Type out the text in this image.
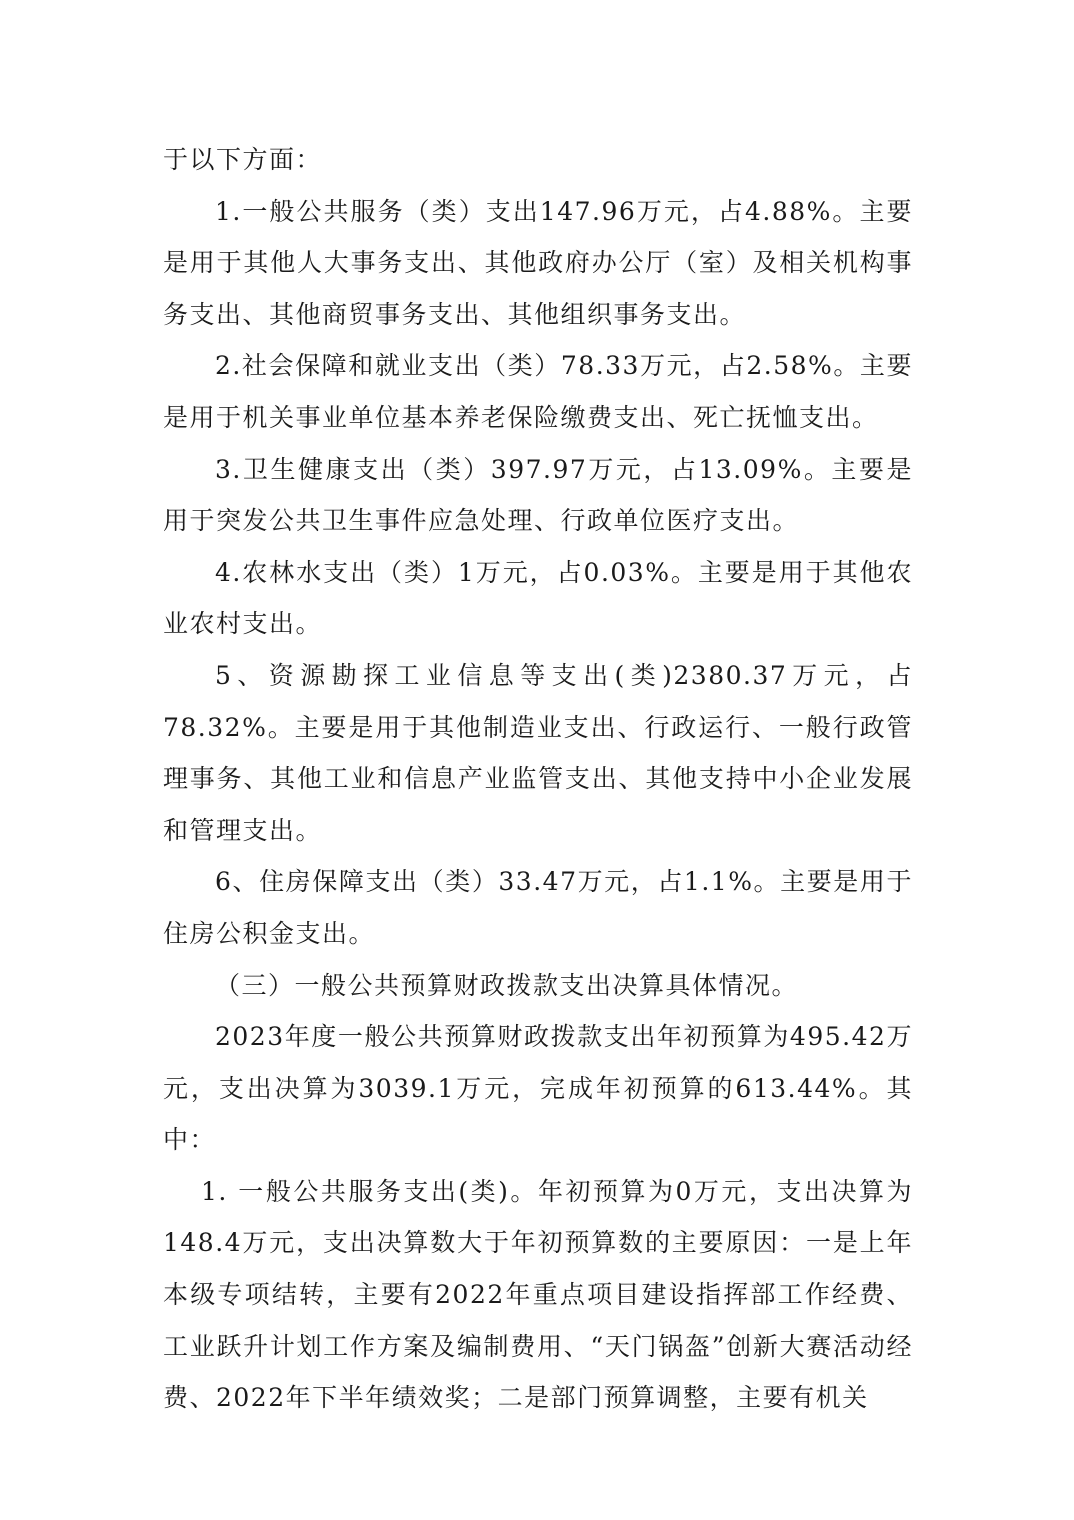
于以下方面：

1.一般公共服务（类）支出147.96万元，占4.88%。主要是用于其他人大事务支出、其他政府办公厅（室）及相关机构事务支出、其他商贸事务支出、其他组织事务支出。

2.社会保障和就业支出（类）78.33万元，占2.58%。主要是用于机关事业单位基本养老保险缴费支出、死亡抚恤支出。

3.卫生健康支出（类）397.97万元，占13.09%。主要是用于突发公共卫生事件应急处理、行政单位医疗支出。

4.农林水支出（类）1万元，占0.03%。主要是用于其他农业农村支出。

5、资源勘探工业信息等支出(类)2380.37万元，占78.32%。主要是用于其他制造业支出、行政运行、一般行政管理事务、其他工业和信息产业监管支出、其他支持中小企业发展和管理支出。

6、住房保障支出（类）33.47万元，占1.1%。主要是用于住房公积金支出。

（三）一般公共预算财政拨款支出决算具体情况。

2023年度一般公共预算财政拨款支出年初预算为495.42万元，支出决算为3039.1万元，完成年初预算的613.44%。其中：

1. 一般公共服务支出(类)。年初预算为0万元，支出决算为148.4万元，支出决算数大于年初预算数的主要原因：一是上年本级专项结转，主要有2022年重点项目建设指挥部工作经费、工业跃升计划工作方案及编制费用、“天门锅盔”创新大赛活动经费、2022年下半年绩效奖；二是部门预算调整，主要有机关
